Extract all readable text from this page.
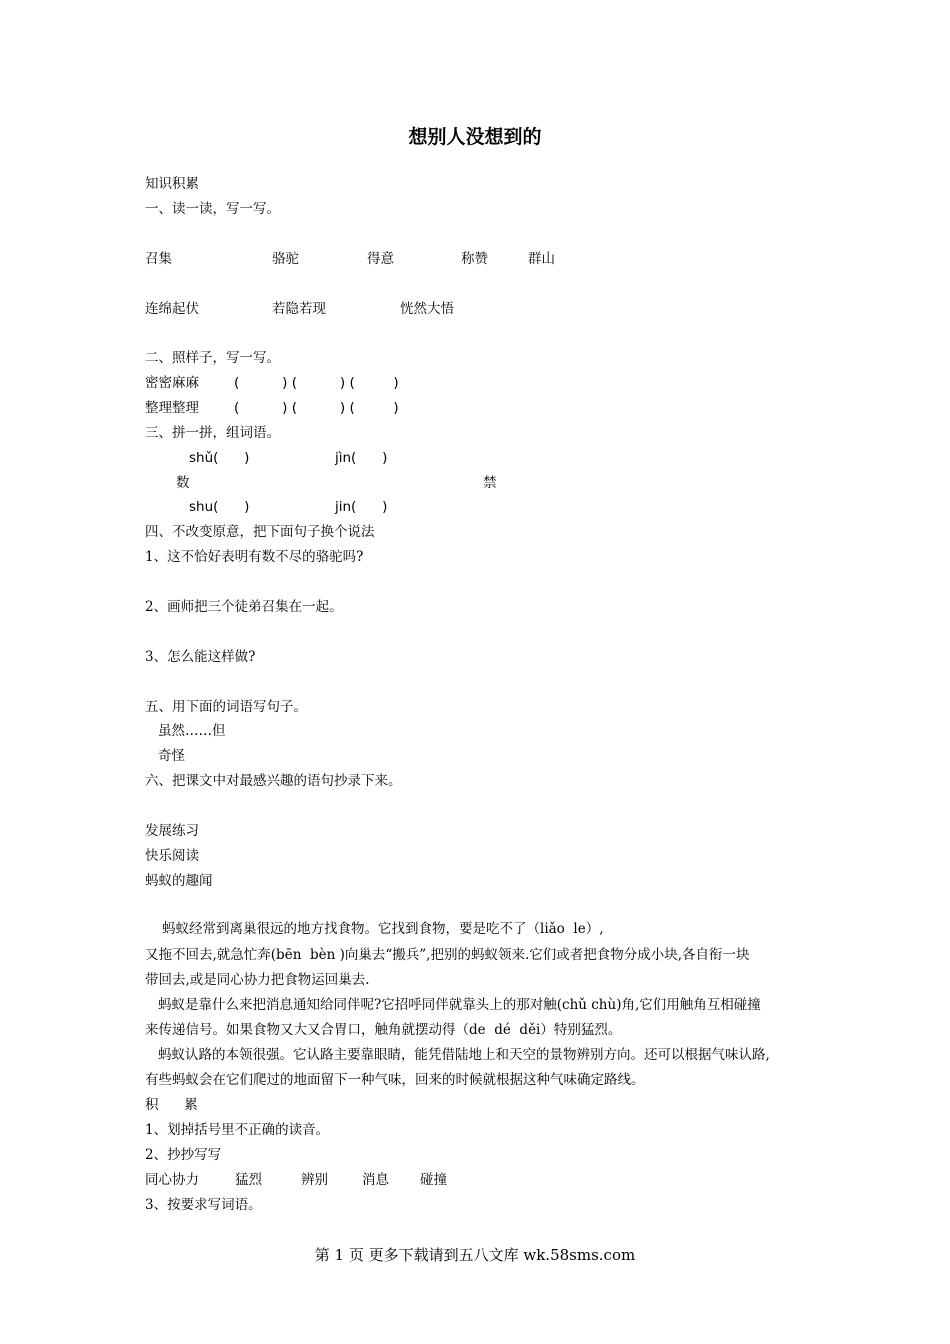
想别人没想到的
知识积累
一、读一读，写一写。
召集	骆驼	得意	称赞	群山
连绵起伏	若隐若现	恍然大悟
二、照样子，写一写。
密密麻麻	(          ) (          ) (         )
整理整理	(          ) (          ) (         )
三、拼一拼，组词语。
shǔ(      )	jìn(      )
数	禁
shu(      )	jin(      )
四、不改变原意，把下面句子换个说法
1、这不恰好表明有数不尽的骆驼吗?
2、画师把三个徒弟召集在一起。
3、怎么能这样做?
五、用下面的词语写句子。
虽然……但
奇怪
六、把课文中对最感兴趣的语句抄录下来。
发展练习
快乐阅读
蚂蚁的趣闻
蚂蚁经常到离巢很远的地方找食物。它找到食物，要是吃不了（liǎo  le）,
又拖不回去,就急忙奔(bēn  bèn )向巢去“搬兵”,把别的蚂蚁领来.它们或者把食物分成小块,各自衔一块
带回去,或是同心协力把食物运回巢去.
蚂蚁是靠什么来把消息通知给同伴呢?它招呼同伴就靠头上的那对触(chǔ chù)角,它们用触角互相碰撞
来传递信号。如果食物又大又合胃口，触角就摆动得（de  dé  děi）特别猛烈。
蚂蚁认路的本领很强。它认路主要靠眼睛，能凭借陆地上和天空的景物辨别方向。还可以根据气味认路,
有些蚂蚁会在它们爬过的地面留下一种气味，回来的时候就根据这种气味确定路线。
积      累
1、划掉括号里不正确的读音。
2、抄抄写写
同心协力	猛烈	辨别	消息 碰撞
3、按要求写词语。
第 1 页 更多下载请到五八文库 wk.58sms.com
